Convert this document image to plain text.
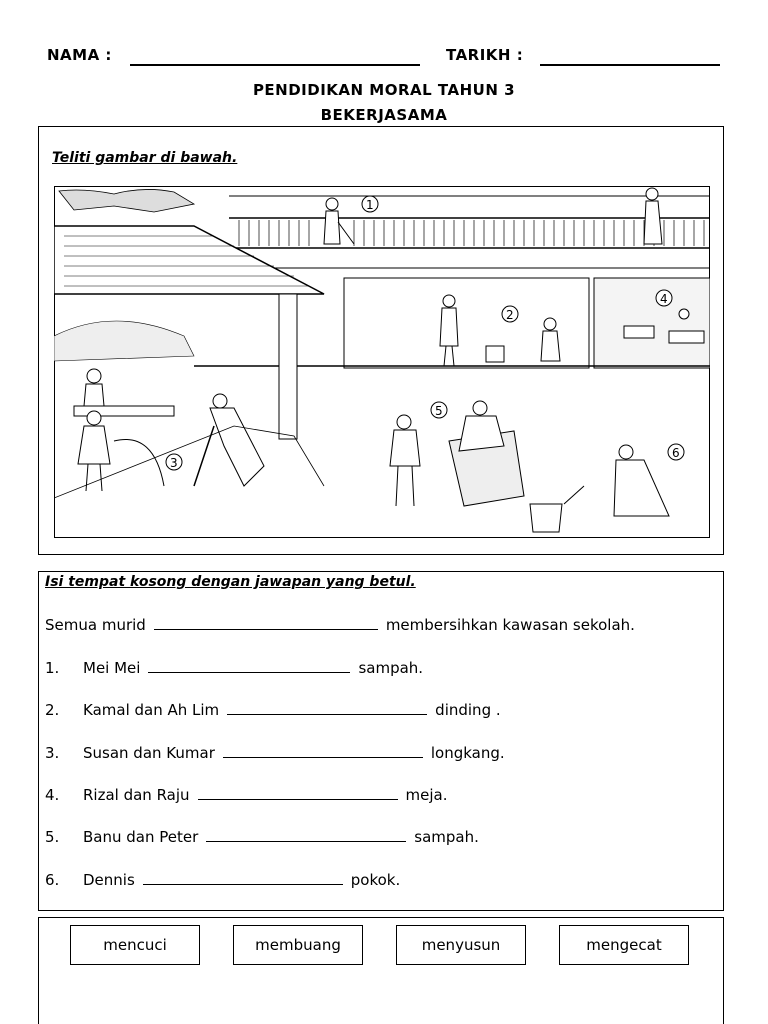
NAMA :	TARIKH :
PENDIDIKAN MORAL TAHUN 3
BEKERJASAMA
Teliti gambar di bawah.
1
2
4
3
5
6
Isi tempat kosong dengan jawapan yang betul.
Semua murid	membersihkan kawasan sekolah.
1. Mei Mei	sampah.
2. Kamal dan Ah Lim	dinding .
3. Susan dan Kumar	longkang.
4. Rizal dan Raju	meja.
5. Banu dan Peter	sampah.
6. Dennis	pokok.
mencuci	membuang	menyusun	mengecat
